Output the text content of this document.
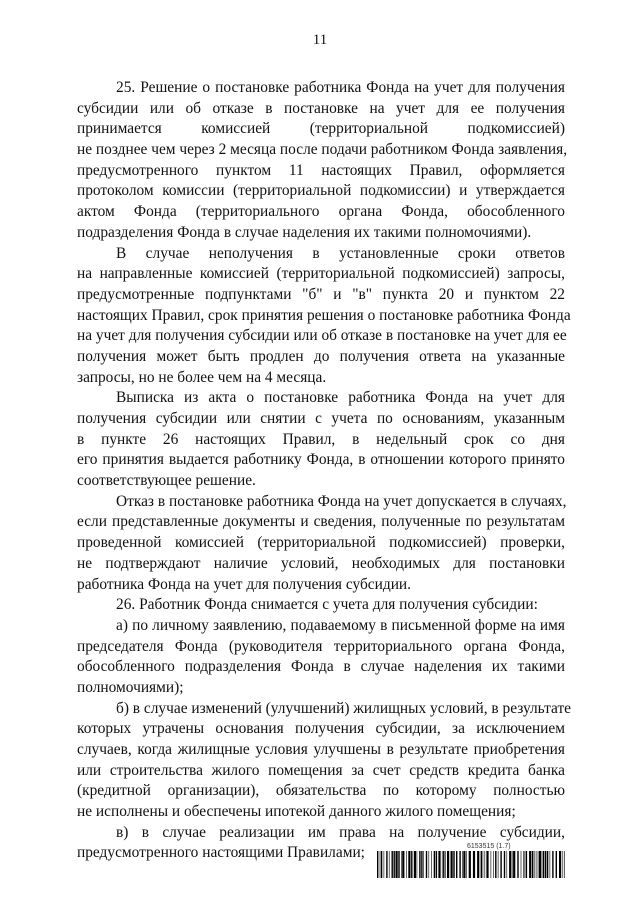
11
25. Решение о постановке работника Фонда на учет для получения
субсидии или об отказе в постановке на учет для ее получения
принимается комиссией (территориальной подкомиссией)
не позднее чем через 2 месяца после подачи работником Фонда заявления,
предусмотренного пунктом 11 настоящих Правил, оформляется
протоколом комиссии (территориальной подкомиссии) и утверждается
актом Фонда (территориального органа Фонда, обособленного
подразделения Фонда в случае наделения их такими полномочиями).
В случае неполучения в установленные сроки ответов
на направленные комиссией (территориальной подкомиссией) запросы,
предусмотренные подпунктами "б" и "в" пункта 20 и пунктом 22
настоящих Правил, срок принятия решения о постановке работника Фонда
на учет для получения субсидии или об отказе в постановке на учет для ее
получения может быть продлен до получения ответа на указанные
запросы, но не более чем на 4 месяца.
Выписка из акта о постановке работника Фонда на учет для
получения субсидии или снятии с учета по основаниям, указанным
в пункте 26 настоящих Правил, в недельный срок со дня
его принятия выдается работнику Фонда, в отношении которого принято
соответствующее решение.
Отказ в постановке работника Фонда на учет допускается в случаях,
если представленные документы и сведения, полученные по результатам
проведенной комиссией (территориальной подкомиссией) проверки,
не подтверждают наличие условий, необходимых для постановки
работника Фонда на учет для получения субсидии.
26. Работник Фонда снимается с учета для получения субсидии:
а) по личному заявлению, подаваемому в письменной форме на имя
председателя Фонда (руководителя территориального органа Фонда,
обособленного подразделения Фонда в случае наделения их такими
полномочиями);
б) в случае изменений (улучшений) жилищных условий, в результате
которых утрачены основания получения субсидии, за исключением
случаев, когда жилищные условия улучшены в результате приобретения
или строительства жилого помещения за счет средств кредита банка
(кредитной организации), обязательства по которому полностью
не исполнены и обеспечены ипотекой данного жилого помещения;
в) в случае реализации им права на получение субсидии,
предусмотренного настоящими Правилами;	6153515 (1.7)
